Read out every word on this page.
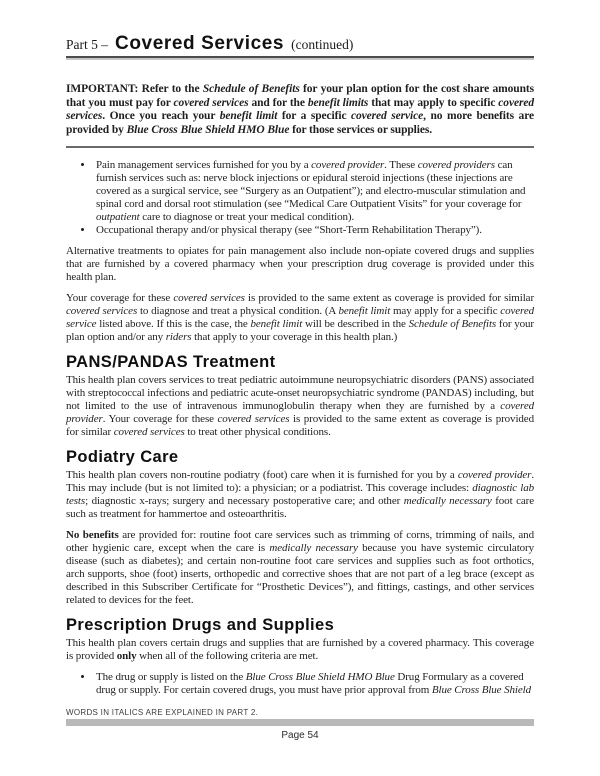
Part 5 – Covered Services (continued)

IMPORTANT: Refer to the Schedule of Benefits for your plan option for the cost share amounts that you must pay for covered services and for the benefit limits that may apply to specific covered services. Once you reach your benefit limit for a specific covered service, no more benefits are provided by Blue Cross Blue Shield HMO Blue for those services or supplies.

• Pain management services furnished for you by a covered provider. These covered providers can furnish services such as: nerve block injections or epidural steroid injections (these injections are covered as a surgical service, see “Surgery as an Outpatient”); and electro-muscular stimulation and spinal cord and dorsal root stimulation (see “Medical Care Outpatient Visits” for your coverage for outpatient care to diagnose or treat your medical condition).
• Occupational therapy and/or physical therapy (see “Short-Term Rehabilitation Therapy”).

Alternative treatments to opiates for pain management also include non-opiate covered drugs and supplies that are furnished by a covered pharmacy when your prescription drug coverage is provided under this health plan.

Your coverage for these covered services is provided to the same extent as coverage is provided for similar covered services to diagnose and treat a physical condition. (A benefit limit may apply for a specific covered service listed above. If this is the case, the benefit limit will be described in the Schedule of Benefits for your plan option and/or any riders that apply to your coverage in this health plan.)

PANS/PANDAS Treatment

This health plan covers services to treat pediatric autoimmune neuropsychiatric disorders (PANS) associated with streptococcal infections and pediatric acute-onset neuropsychiatric syndrome (PANDAS) including, but not limited to the use of intravenous immunoglobulin therapy when they are furnished by a covered provider. Your coverage for these covered services is provided to the same extent as coverage is provided for similar covered services to treat other physical conditions.

Podiatry Care

This health plan covers non-routine podiatry (foot) care when it is furnished for you by a covered provider. This may include (but is not limited to): a physician; or a podiatrist. This coverage includes: diagnostic lab tests; diagnostic x-rays; surgery and necessary postoperative care; and other medically necessary foot care such as treatment for hammertoe and osteoarthritis.

No benefits are provided for: routine foot care services such as trimming of corns, trimming of nails, and other hygienic care, except when the care is medically necessary because you have systemic circulatory disease (such as diabetes); and certain non-routine foot care services and supplies such as foot orthotics, arch supports, shoe (foot) inserts, orthopedic and corrective shoes that are not part of a leg brace (except as described in this Subscriber Certificate for “Prosthetic Devices”), and fittings, castings, and other services related to devices for the feet.

Prescription Drugs and Supplies

This health plan covers certain drugs and supplies that are furnished by a covered pharmacy. This coverage is provided only when all of the following criteria are met.

• The drug or supply is listed on the Blue Cross Blue Shield HMO Blue Drug Formulary as a covered drug or supply. For certain covered drugs, you must have prior approval from Blue Cross Blue Shield
WORDS IN ITALICS ARE EXPLAINED IN PART 2.
Page 54
